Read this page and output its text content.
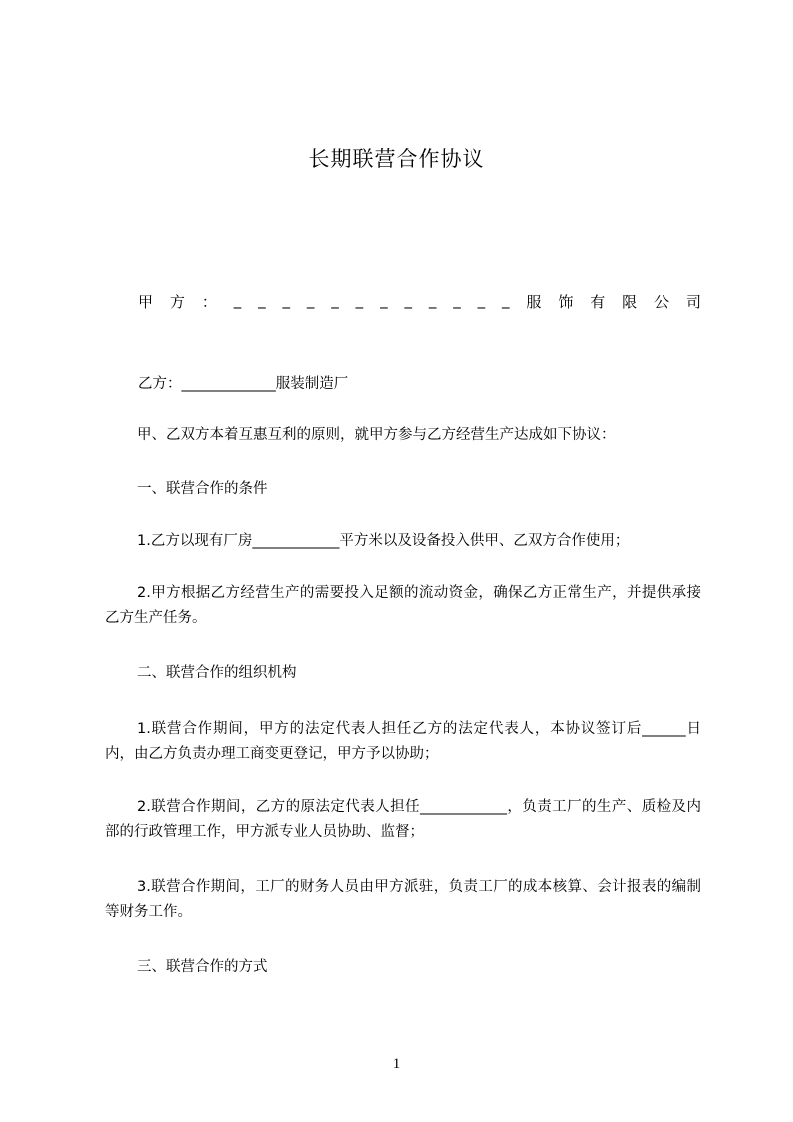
长期联营合作协议
甲 方 ： _ _ _ _ _ _ _ _ _ _ _ _ 服 饰 有 限 公 司
乙方：_____________服装制造厂
甲、乙双方本着互惠互利的原则，就甲方参与乙方经营生产达成如下协议：
一、联营合作的条件
1.乙方以现有厂房____________平方米以及设备投入供甲、乙双方合作使用；
2.甲方根据乙方经营生产的需要投入足额的流动资金，确保乙方正常生产，并提供承接乙方生产任务。
二、联营合作的组织机构
1.联营合作期间，甲方的法定代表人担任乙方的法定代表人，本协议签订后______日内，由乙方负责办理工商变更登记，甲方予以协助；
2.联营合作期间，乙方的原法定代表人担任____________，负责工厂的生产、质检及内部的行政管理工作，甲方派专业人员协助、监督；
3.联营合作期间，工厂的财务人员由甲方派驻，负责工厂的成本核算、会计报表的编制等财务工作。
三、联营合作的方式
1
